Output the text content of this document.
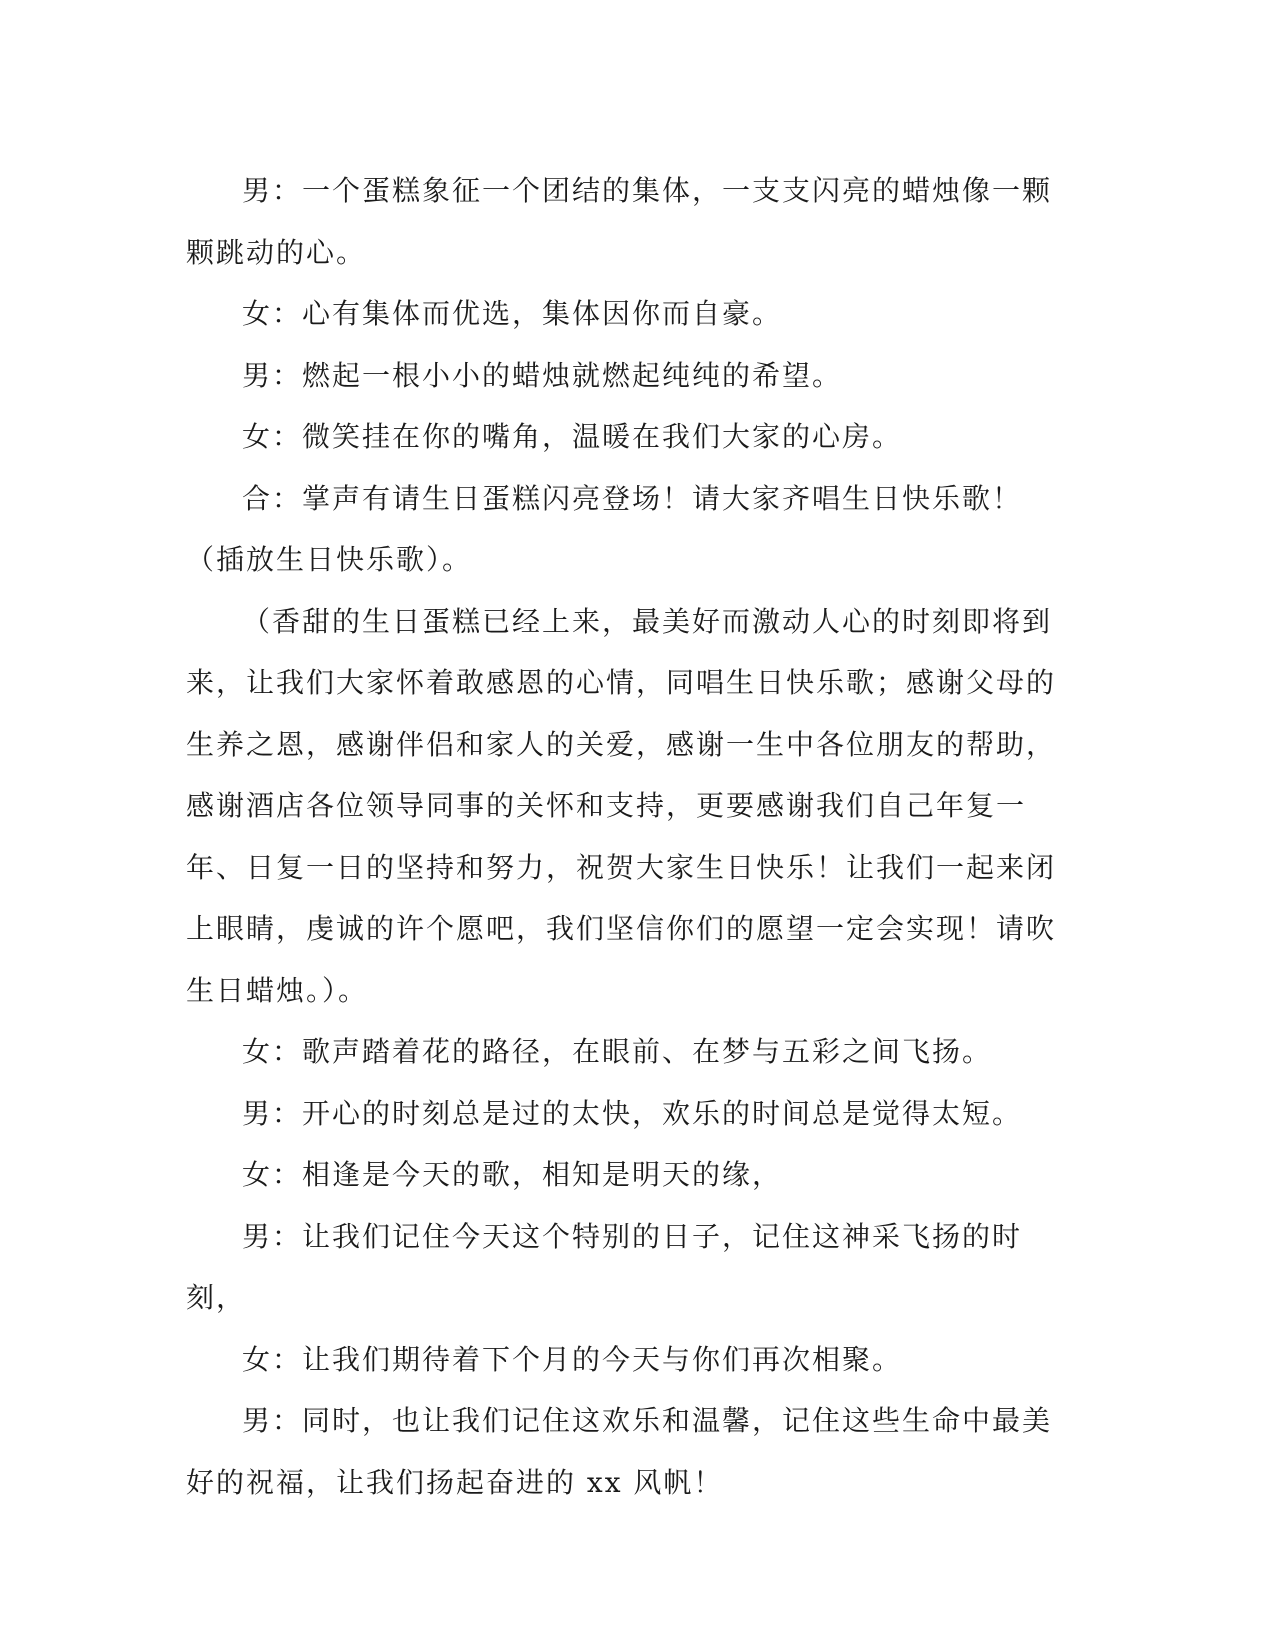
男：一个蛋糕象征一个团结的集体，一支支闪亮的蜡烛像一颗颗跳动的心。

女：心有集体而优选，集体因你而自豪。

男：燃起一根小小的蜡烛就燃起纯纯的希望。

女：微笑挂在你的嘴角，温暖在我们大家的心房。

合：掌声有请生日蛋糕闪亮登场！请大家齐唱生日快乐歌！（插放生日快乐歌）。

（香甜的生日蛋糕已经上来，最美好而激动人心的时刻即将到来，让我们大家怀着敢感恩的心情，同唱生日快乐歌；感谢父母的生养之恩，感谢伴侣和家人的关爱，感谢一生中各位朋友的帮助，感谢酒店各位领导同事的关怀和支持，更要感谢我们自己年复一年、日复一日的坚持和努力，祝贺大家生日快乐！让我们一起来闭上眼睛，虔诚的许个愿吧，我们坚信你们的愿望一定会实现！请吹生日蜡烛。）。

女：歌声踏着花的路径，在眼前、在梦与五彩之间飞扬。

男：开心的时刻总是过的太快，欢乐的时间总是觉得太短。

女：相逢是今天的歌，相知是明天的缘，

男：让我们记住今天这个特别的日子，记住这神采飞扬的时刻，

女：让我们期待着下个月的今天与你们再次相聚。

男：同时，也让我们记住这欢乐和温馨，记住这些生命中最美好的祝福，让我们扬起奋进的 xx 风帆！
